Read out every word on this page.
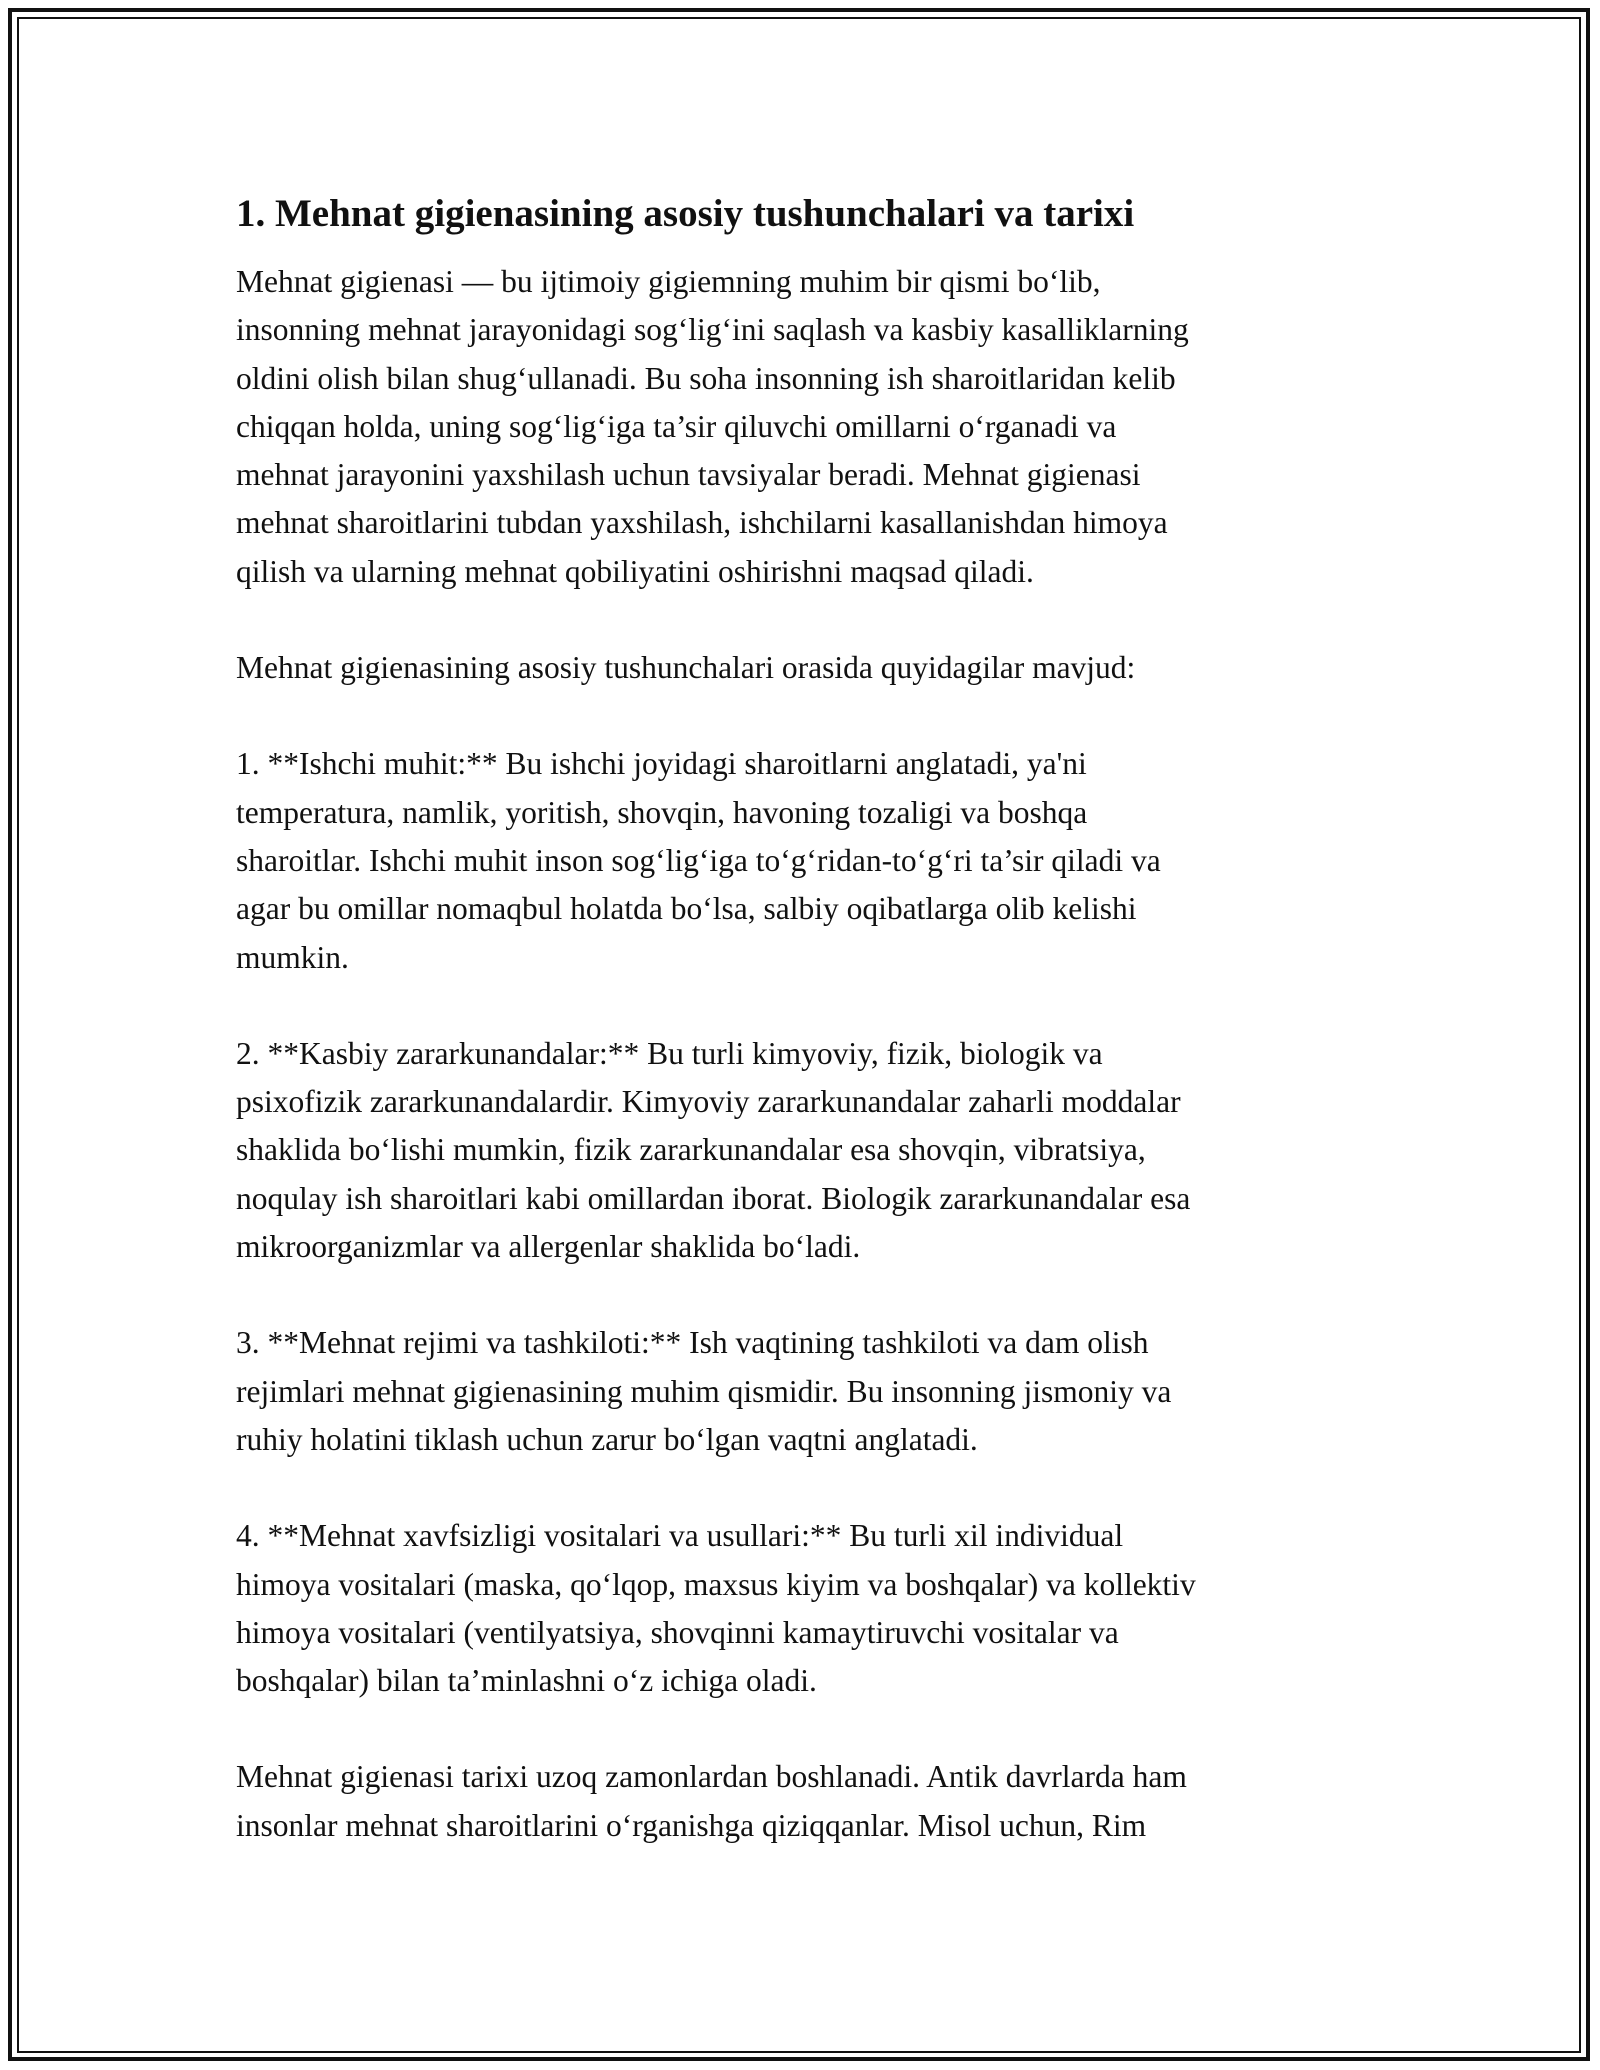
1. Mehnat gigienasining asosiy tushunchalari va tarixi

Mehnat gigienasi — bu ijtimoiy gigiemning muhim bir qismi bo‘lib,
insonning mehnat jarayonidagi sog‘lig‘ini saqlash va kasbiy kasalliklarning
oldini olish bilan shug‘ullanadi. Bu soha insonning ish sharoitlaridan kelib
chiqqan holda, uning sog‘lig‘iga ta’sir qiluvchi omillarni o‘rganadi va
mehnat jarayonini yaxshilash uchun tavsiyalar beradi. Mehnat gigienasi
mehnat sharoitlarini tubdan yaxshilash, ishchilarni kasallanishdan himoya
qilish va ularning mehnat qobiliyatini oshirishni maqsad qiladi.

Mehnat gigienasining asosiy tushunchalari orasida quyidagilar mavjud:

1. **Ishchi muhit:** Bu ishchi joyidagi sharoitlarni anglatadi, ya'ni
temperatura, namlik, yoritish, shovqin, havoning tozaligi va boshqa
sharoitlar. Ishchi muhit inson sog‘lig‘iga to‘g‘ridan-to‘g‘ri ta’sir qiladi va
agar bu omillar nomaqbul holatda bo‘lsa, salbiy oqibatlarga olib kelishi
mumkin.

2. **Kasbiy zararkunandalar:** Bu turli kimyoviy, fizik, biologik va
psixofizik zararkunandalardir. Kimyoviy zararkunandalar zaharli moddalar
shaklida bo‘lishi mumkin, fizik zararkunandalar esa shovqin, vibratsiya,
noqulay ish sharoitlari kabi omillardan iborat. Biologik zararkunandalar esa
mikroorganizmlar va allergenlar shaklida bo‘ladi.

3. **Mehnat rejimi va tashkiloti:** Ish vaqtining tashkiloti va dam olish
rejimlari mehnat gigienasining muhim qismidir. Bu insonning jismoniy va
ruhiy holatini tiklash uchun zarur bo‘lgan vaqtni anglatadi.

4. **Mehnat xavfsizligi vositalari va usullari:** Bu turli xil individual
himoya vositalari (maska, qo‘lqop, maxsus kiyim va boshqalar) va kollektiv
himoya vositalari (ventilyatsiya, shovqinni kamaytiruvchi vositalar va
boshqalar) bilan ta’minlashni o‘z ichiga oladi.

Mehnat gigienasi tarixi uzoq zamonlardan boshlanadi. Antik davrlarda ham
insonlar mehnat sharoitlarini o‘rganishga qiziqqanlar. Misol uchun, Rim
